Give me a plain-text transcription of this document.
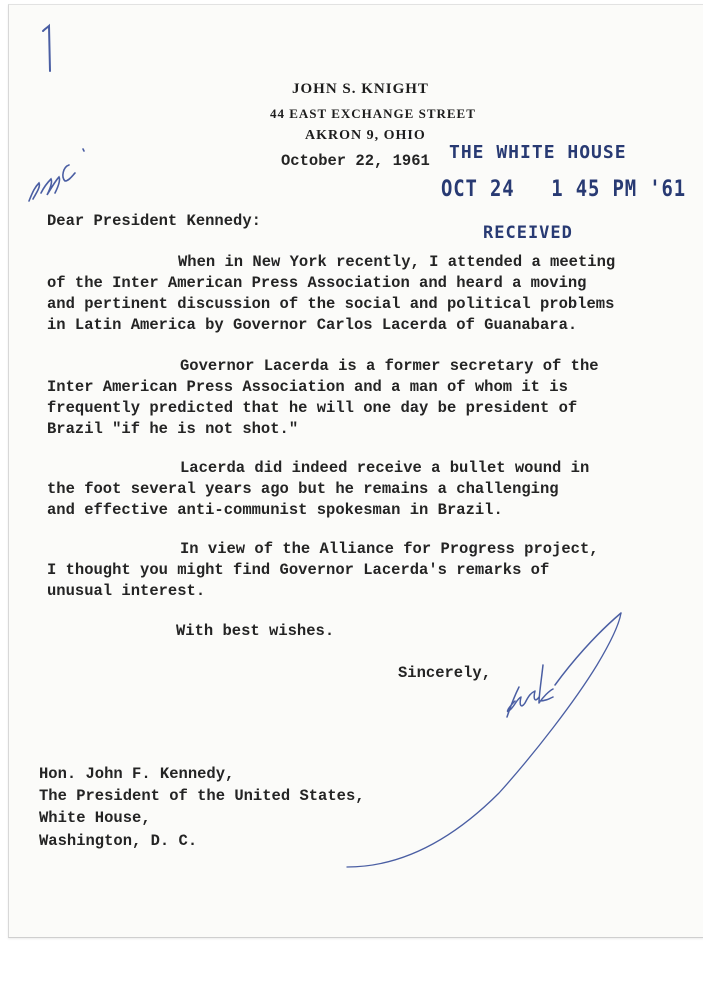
JOHN S. KNIGHT
44 EAST EXCHANGE STREET
AKRON 9, OHIO
October 22, 1961 THE WHITE HOUSE
OCT 24   1 45 PM '61
RECEIVED
Dear President Kennedy:
When in New York recently, I attended a meeting
of the Inter American Press Association and heard a moving
and pertinent discussion of the social and political problems
in Latin America by Governor Carlos Lacerda of Guanabara.
Governor Lacerda is a former secretary of the
Inter American Press Association and a man of whom it is
frequently predicted that he will one day be president of
Brazil "if he is not shot."
Lacerda did indeed receive a bullet wound in
the foot several years ago but he remains a challenging
and effective anti-communist spokesman in Brazil.
In view of the Alliance for Progress project,
I thought you might find Governor Lacerda's remarks of
unusual interest.
With best wishes.
Sincerely,
Hon. John F. Kennedy,
The President of the United States,
White House,
Washington, D. C.
